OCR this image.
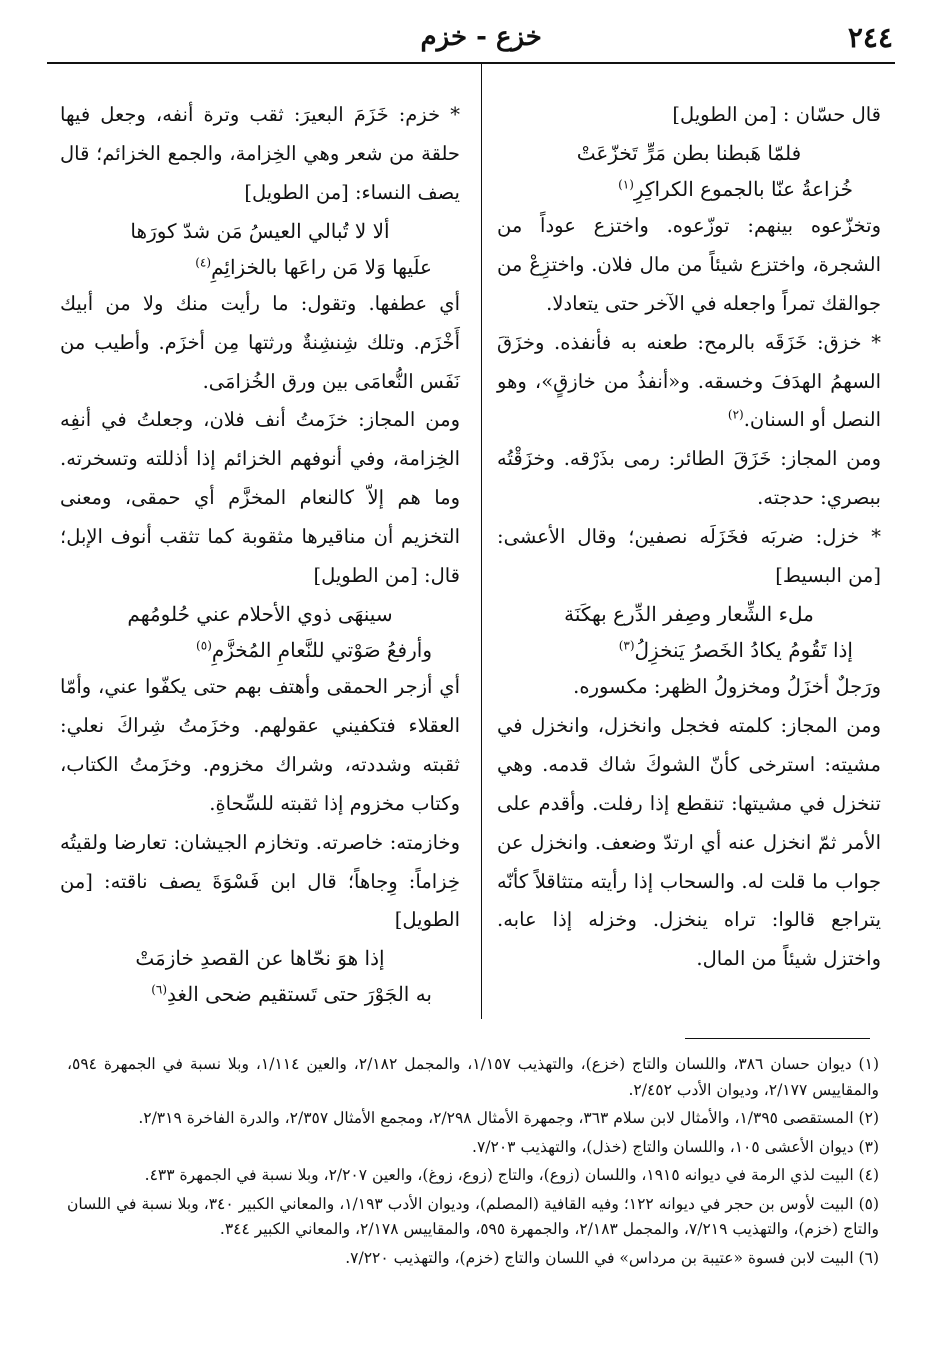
٢٤٤
خزع - خزم

قال حسّان : [من الطويل]

فلمّا هَبطنا بطن مَرٍّ تَخزّعَتْ

خُزاعةُ عنّا بالجموع الكراكِرِ$^{(١)}$

وتخزّعوه بينهم: توزّعوه. واختزع عوداً من الشجرة، واختزع شيئاً من مال فلان. واختزِعْ من جوالقك تمراً واجعله في الآخر حتى يتعادلا.

* خزق: خَزَقَه بالرمح: طعنه به فأنفذه. وخزَقَ السهمُ الهدَفَ وخسقه. و«أنفذُ من خازقٍ»، وهو النصل أو السنان.$^{(٢)}$

ومن المجاز: خَزَقَ الطائر: رمى بذَرْقه. وخزَقْتُه ببصري: حدجته.

* خزل: ضربَه فخَزَلَه نصفين؛ وقال الأعشى: [من البسيط]

ملء الشِّعار وصِفر الدِّرع بهكَنَة

إذا تَقُومُ يكادُ الخَصرُ يَنخزِلُ$^{(٣)}$

ورَجلٌ أخزَلُ ومخزولُ الظهر: مكسوره.

ومن المجاز: كلمته فخجل وانخزل، وانخزل في مشيته: استرخى كأنّ الشوكَ شاك قدمه. وهي تنخزل في مشيتها: تنقطع إذا رفلت. وأقدم على الأمر ثمّ انخزل عنه أي ارتدّ وضعف. وانخزل عن جواب ما قلت له. والسحاب إذا رأيته متثاقلاً كأنّه يتراجع قالوا: تراه ينخزل. وخزله إذا عابه. واختزل شيئاً من المال.

* خزم: خَزَمَ البعيرَ: ثقب وترة أنفه، وجعل فيها حلقة من شعر وهي الخِزامة، والجمع الخزائم؛ قال يصف النساء: [من الطويل]

ألا لا تُبالي العيسُ مَن شدّ كورَها

علَيها وَلا مَن راعَها بالخزائِمِ$^{(٤)}$

أي عطفها. وتقول: ما رأيت منك ولا من أبيك أَخْزَم. وتلك شِنشِنةٌ ورثتها مِن أخزَم. وأطيب من نَفَس النُّعامَى بين ورق الخُزامَى.

ومن المجاز: خزَمتُ أنف فلان، وجعلتُ في أنفِه الخِزامة، وفي أنوفهم الخزائم إذا أذللته وتسخرته. وما هم إلاّ كالنعام المخزَّم أي حمقى، ومعنى التخزيم أن مناقيرها مثقوبة كما تثقب أنوف الإبل؛ قال: [من الطويل]

سينهَى ذوي الأحلام عني حُلومُهم

وأرفعُ صَوْتي للنَّعامِ المُخزَّمِ$^{(٥)}$

أي أزجر الحمقى وأهتف بهم حتى يكفّوا عني، وأمّا العقلاء فتكفيني عقولهم. وخزَمتُ شِراكَ نعلي: ثقبته وشددته، وشراك مخزوم. وخزَمتُ الكتاب، وكتاب مخزوم إذا ثقبته للسِّحاةِ.

وخازمته: خاصرته. وتخازم الجيشان: تعارضا ولقيتُه خِزاماً: وِجاهاً؛ قال ابن فَسْوَةَ يصف ناقته: [من الطويل]

إذا هوَ نحّاها عن القصدِ خازمَتْ

به الجَوْرَ حتى تَستقيم ضحى الغدِ$^{(٦)}$

(١) ديوان حسان ٣٨٦، واللسان والتاج (خزع)، والتهذيب ١/١٥٧، والمجمل ٢/١٨٢، والعين ١/١١٤، وبلا نسبة في الجمهرة ٥٩٤، والمقاييس ٢/١٧٧، وديوان الأدب ٢/٤٥٢.

(٢) المستقصى ١/٣٩٥، والأمثال لابن سلام ٣٦٣، وجمهرة الأمثال ٢/٢٩٨، ومجمع الأمثال ٢/٣٥٧، والدرة الفاخرة ٢/٣١٩.

(٣) ديوان الأعشى ١٠٥، واللسان والتاج (خذل)، والتهذيب ٧/٢٠٣.

(٤) البيت لذي الرمة في ديوانه ١٩١٥، واللسان (زوع)، والتاج (زوع، زوغ)، والعين ٢/٢٠٧، وبلا نسبة في الجمهرة ٤٣٣.

(٥) البيت لأوس بن حجر في ديوانه ١٢٢؛ وفيه القافية (المصلم)، وديوان الأدب ١/١٩٣، والمعاني الكبير ٣٤٠، وبلا نسبة في اللسان والتاج (خزم)، والتهذيب ٧/٢١٩، والمجمل ٢/١٨٣، والجمهرة ٥٩٥، والمقاييس ٢/١٧٨، والمعاني الكبير ٣٤٤.

(٦) البيت لابن فسوة «عتيبة بن مرداس» في اللسان والتاج (خزم)، والتهذيب ٧/٢٢٠.
